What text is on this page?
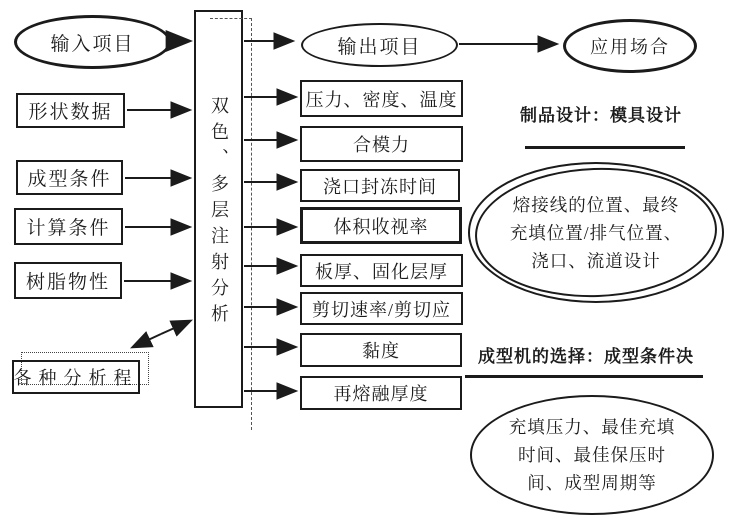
输入项目
双色、多层注射分析
形状数据
成型条件
计算条件
树脂物性
各种分析程
输出项目
压力、密度、温度
合模力
浇口封冻时间
体积收视率
板厚、固化层厚
剪切速率/剪切应
黏度
再熔融厚度
应用场合
制品设计：模具设计
熔接线的位置、最终
充填位置/排气位置、
浇口、流道设计
成型机的选择：成型条件决
充填压力、最佳充填
时间、最佳保压时
间、成型周期等
